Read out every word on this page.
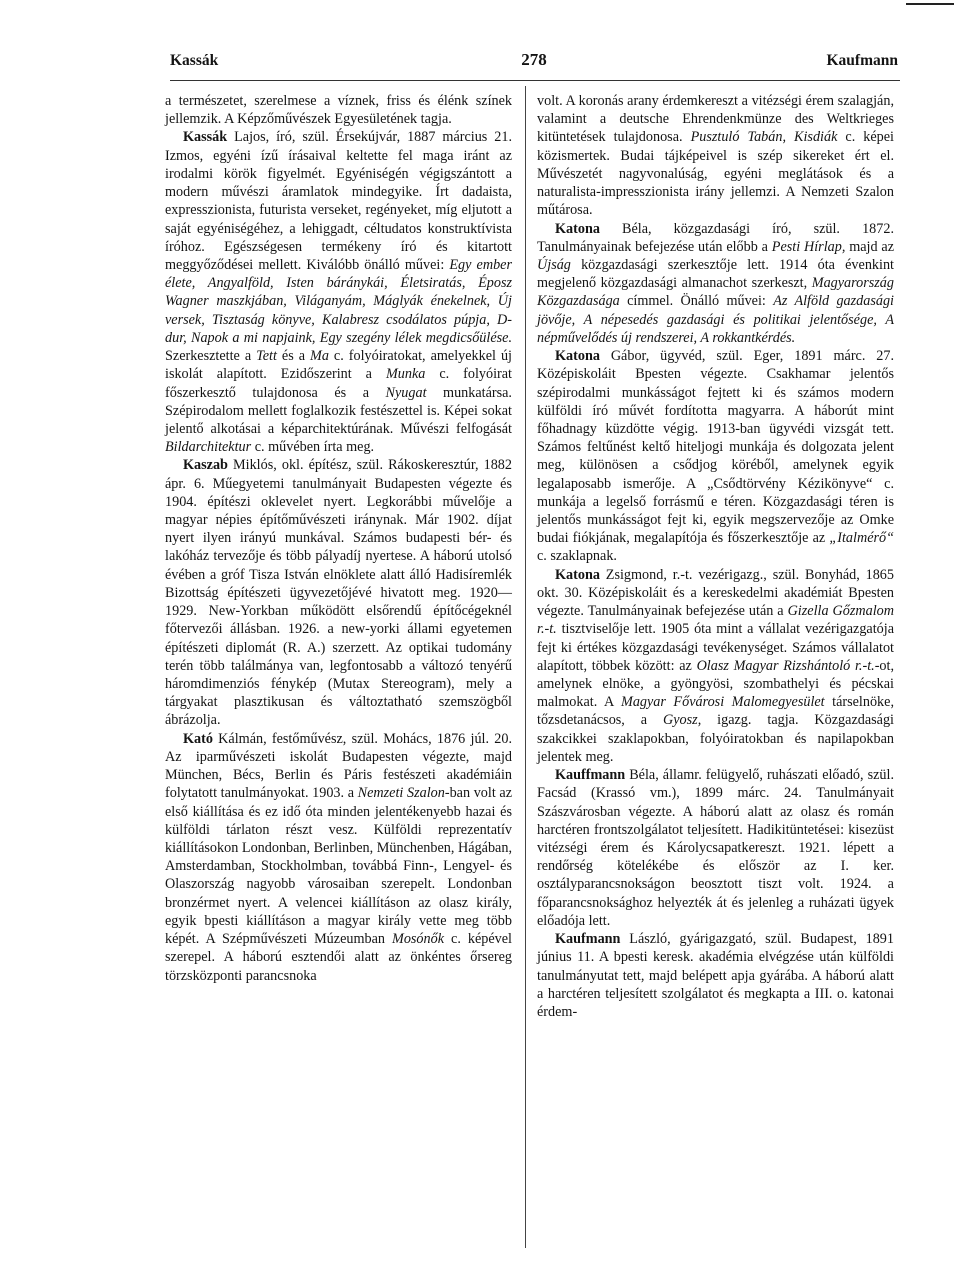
Kassák	278	Kaufmann

a természetet, szerelmese a víznek, friss és élénk színek jellemzik. A Képzőművészek Egyesületének tagja.

Kassák Lajos, író, szül. Érsekújvár, 1887 március 21. Izmos, egyéni ízű írásaival keltette fel maga iránt az irodalmi körök figyelmét. Egyéniségén végigszántott a modern művészi áramlatok mindegyike. Írt dadaista, expresszionista, futurista verseket, regényeket, míg eljutott a saját egyéniségéhez, a lehiggadt, céltudatos konstruktívista íróhoz. Egészségesen termékeny író és kitartott meggyőződései mellett. Kiválóbb önálló művei: Egy ember élete, Angyalföld, Isten báránykái, Életsiratás, Éposz Wagner maszkjában, Világanyám, Máglyák énekelnek, Új versek, Tisztaság könyve, Kalabresz csodálatos púpja, D-dur, Napok a mi napjaink, Egy szegény lélek megdicsőülése. Szerkesztette a Tett és a Ma c. folyóiratokat, amelyekkel új iskolát alapított. Ezidőszerint a Munka c. folyóirat főszerkesztő tulajdonosa és a Nyugat munkatársa. Szépirodalom mellett foglalkozik festészettel is. Képei sokat jelentő alkotásai a képarchitektúrának. Művészi felfogását Bildarchitektur c. művében írta meg.

Kaszab Miklós, okl. építész, szül. Rákoskeresztúr, 1882 ápr. 6. Műegyetemi tanulmányait Budapesten végezte és 1904. építészi oklevelet nyert. Legkorábbi művelője a magyar népies építőművészeti iránynak. Már 1902. díjat nyert ilyen irányú munkával. Számos budapesti bér- és lakóház tervezője és több pályadíj nyertese. A háború utolsó évében a gróf Tisza István elnöklete alatt álló Hadisíremlék Bizottság építészeti ügyvezetőjévé hivatott meg. 1920—1929. New-Yorkban működött elsőrendű építőcégeknél főtervezői állásban. 1926. a new-yorki állami egyetemen építészeti diplomát (R. A.) szerzett. Az optikai tudomány terén több találmánya van, legfontosabb a változó tenyérű háromdimenziós fénykép (Mutax Stereogram), mely a tárgyakat plasztikusan és változtatható szemszögből ábrázolja.

Kató Kálmán, festőművész, szül. Mohács, 1876 júl. 20. Az iparművészeti iskolát Budapesten végezte, majd München, Bécs, Berlin és Páris festészeti akadémiáin folytatott tanulmányokat. 1903. a Nemzeti Szalon-ban volt az első kiállítása és ez idő óta minden jelentékenyebb hazai és külföldi tárlaton részt vesz. Külföldi reprezentatív kiállításokon Londonban, Berlinben, Münchenben, Hágában, Amsterdamban, Stockholmban, továbbá Finn-, Lengyel- és Olaszország nagyobb városaiban szerepelt. Londonban bronzérmet nyert. A velencei kiállításon az olasz király, egyik bpesti kiállításon a magyar király vette meg több képét. A Szépművészeti Múzeumban Mosónők c. képével szerepel. A háború esztendői alatt az önkéntes őrsereg törzsközponti parancsnoka

volt. A koronás arany érdemkereszt a vitézségi érem szalagján, valamint a deutsche Ehrendenkmünze des Weltkrieges kitüntetések tulajdonosa. Pusztuló Tabán, Kisdiák c. képei közismertek. Budai tájképeivel is szép sikereket ért el. Művészetét nagyvonalúság, egyéni meglátások és a naturalista-impresszionista irány jellemzi. A Nemzeti Szalon műtárosa.

Katona Béla, közgazdasági író, szül. 1872. Tanulmányainak befejezése után előbb a Pesti Hírlap, majd az Újság közgazdasági szerkesztője lett. 1914 óta évenkint megjelenő közgazdasági almanachot szerkeszt, Magyarország Közgazdasága címmel. Önálló művei: Az Alföld gazdasági jövője, A népesedés gazdasági és politikai jelentősége, A népművelődés új rendszerei, A rokkantkérdés.

Katona Gábor, ügyvéd, szül. Eger, 1891 márc. 27. Középiskoláit Bpesten végezte. Csakhamar jelentős szépirodalmi munkásságot fejtett ki és számos modern külföldi író művét fordította magyarra. A háborút mint főhadnagy küzdötte végig. 1913-ban ügyvédi vizsgát tett. Számos feltűnést keltő hiteljogi munkája és dolgozata jelent meg, különösen a csődjog köréből, amelynek egyik legalaposabb ismerője. A „Csődtörvény Kézikönyve“ c. munkája a legelső forrásmű e téren. Közgazdasági téren is jelentős munkásságot fejt ki, egyik megszervezője az Omke budai fiókjának, megalapítója és főszerkesztője az „Italmérő“ c. szaklapnak.

Katona Zsigmond, r.-t. vezérigazg., szül. Bonyhád, 1865 okt. 30. Középiskoláit és a kereskedelmi akadémiát Bpesten végezte. Tanulmányainak befejezése után a Gizella Gőzmalom r.-t. tisztviselője lett. 1905 óta mint a vállalat vezérigazgatója fejt ki értékes közgazdasági tevékenységet. Számos vállalatot alapított, többek között: az Olasz Magyar Rizshántoló r.-t.-ot, amelynek elnöke, a gyöngyösi, szombathelyi és pécskai malmokat. A Magyar Fővárosi Malomegyesület társelnöke, tőzsdetanácsos, a Gyosz, igazg. tagja. Közgazdasági szakcikkei szaklapokban, folyóiratokban és napilapokban jelentek meg.

Kauffmann Béla, államr. felügyelő, ruhászati előadó, szül. Facsád (Krassó vm.), 1899 márc. 24. Tanulmányait Szászvárosban végezte. A háború alatt az olasz és román harctéren frontszolgálatot teljesített. Hadikitüntetései: kisezüst vitézségi érem és Károlycsapatkereszt. 1921. lépett a rendőrség kötelékébe és először az I. ker. osztályparancsnokságon beosztott tiszt volt. 1924. a főparancsnoksághoz helyezték át és jelenleg a ruházati ügyek előadója lett.

Kaufmann László, gyárigazgató, szül. Budapest, 1891 június 11. A bpesti keresk. akadémia elvégzése után külföldi tanulmányutat tett, majd belépett apja gyárába. A háború alatt a harctéren teljesített szolgálatot és megkapta a III. o. katonai érdem-
